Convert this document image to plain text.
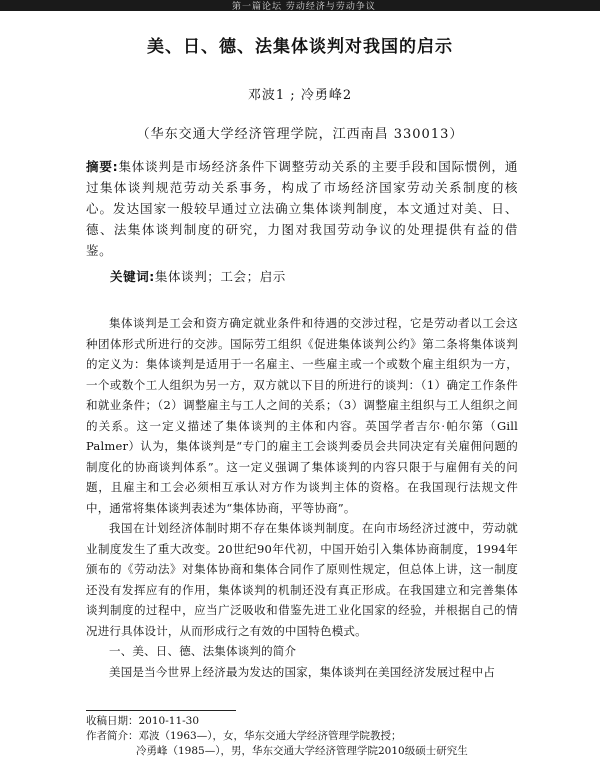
第一篇论坛 劳动经济与劳动争议
美、日、德、法集体谈判对我国的启示
邓波1 ; 冷勇峰2
（华东交通大学经济管理学院，江西南昌 330013）
摘要:集体谈判是市场经济条件下调整劳动关系的主要手段和国际惯例，通过集体谈判规范劳动关系事务，构成了市场经济国家劳动关系制度的核心。发达国家一般较早通过立法确立集体谈判制度，本文通过对美、日、德、法集体谈判制度的研究，力图对我国劳动争议的处理提供有益的借鉴。
关键词:集体谈判；工会；启示

集体谈判是工会和资方确定就业条件和待遇的交涉过程，它是劳动者以工会这种团体形式所进行的交涉。国际劳工组织《促进集体谈判公约》第二条将集体谈判的定义为：集体谈判是适用于一名雇主、一些雇主或一个或数个雇主组织为一方，一个或数个工人组织为另一方，双方就以下目的所进行的谈判：（1）确定工作条件和就业条件；（2）调整雇主与工人之间的关系；（3）调整雇主组织与工人组织之间的关系。这一定义描述了集体谈判的主体和内容。英国学者吉尔·帕尔第（Gill Palmer）认为，集体谈判是“专门的雇主工会谈判委员会共同决定有关雇佣问题的制度化的协商谈判体系”。这一定义强调了集体谈判的内容只限于与雇佣有关的问题，且雇主和工会必须相互承认对方作为谈判主体的资格。在我国现行法规文件中，通常将集体谈判表述为“集体协商，平等协商”。

我国在计划经济体制时期不存在集体谈判制度。在向市场经济过渡中，劳动就业制度发生了重大改变。20世纪90年代初，中国开始引入集体协商制度，1994年颁布的《劳动法》对集体协商和集体合同作了原则性规定，但总体上讲，这一制度还没有发挥应有的作用，集体谈判的机制还没有真正形成。在我国建立和完善集体谈判制度的过程中，应当广泛吸收和借鉴先进工业化国家的经验，并根据自己的情况进行具体设计，从而形成行之有效的中国特色模式。

一、美、日、德、法集体谈判的简介

美国是当今世界上经济最为发达的国家，集体谈判在美国经济发展过程中占

收稿日期：2010-11-30
作者简介：邓波（1963—），女，华东交通大学经济管理学院教授；
冷勇峰（1985—），男，华东交通大学经济管理学院2010级硕士研究生
